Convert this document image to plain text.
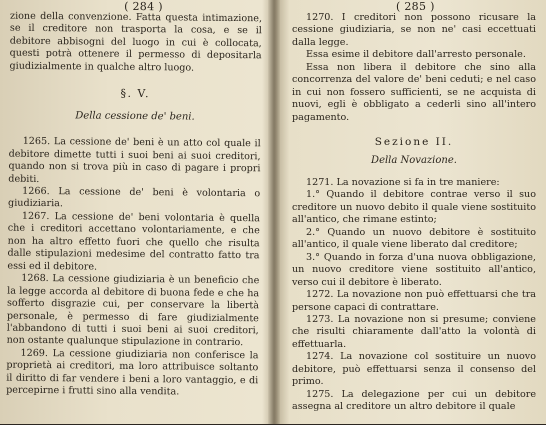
( 284 )

zione della convenzione. Fatta questa intimazione, se il creditore non trasporta la cosa, e se il debitore abbisogni del luogo in cui è collocata, questi potrà ottenere il permesso di depositarla giudizialmente in qualche altro luogo.

§. V.
Della cessione de' beni.

1265. La cessione de' beni è un atto col quale il debitore dimette tutti i suoi beni ai suoi creditori, quando non si trova più in caso di pagare i propri debiti.

1266. La cessione de' beni è volontaria o giudiziaria.

1267. La cessione de' beni volontaria è quella che i creditori accettano volontariamente, e che non ha altro effetto fuori che quello che risulta dalle stipulazioni medesime del contratto fatto tra essi ed il debitore.

1268. La cessione giudiziaria è un beneficio che la legge accorda al debitore di buona fede e che ha sofferto disgrazie cui, per conservare la libertà personale, è permesso di fare giudizialmente l'abbandono di tutti i suoi beni ai suoi creditori, non ostante qualunque stipulazione in contrario.

1269. La cessione giudiziaria non conferisce la proprietà ai creditori, ma loro attribuisce soltanto il diritto di far vendere i beni a loro vantaggio, e di percepirne i frutti sino alla vendita.

( 285 )

1270. I creditori non possono ricusare la cessione giudiziaria, se non ne' casi eccettuati dalla legge.

Essa esime il debitore dall'arresto personale.

Essa non libera il debitore che sino alla concorrenza del valore de' beni ceduti; e nel caso in cui non fossero sufficienti, se ne acquista di nuovi, egli è obbligato a cederli sino all'intero pagamento.

Sezione II.
Della Novazione.

1271. La novazione si fa in tre maniere:

1.° Quando il debitore contrae verso il suo creditore un nuovo debito il quale viene sostituito all'antico, che rimane estinto;

2.° Quando un nuovo debitore è sostituito all'antico, il quale viene liberato dal creditore;

3.° Quando in forza d'una nuova obbligazione, un nuovo creditore viene sostituito all'antico, verso cui il debitore è liberato.

1272. La novazione non può effettuarsi che tra persone capaci di contrattare.

1273. La novazione non si presume; conviene che risulti chiaramente dall'atto la volontà di effettuarla.

1274. La novazione col sostituire un nuovo debitore, può effettuarsi senza il consenso del primo.

1275. La delegazione per cui un debitore assegna al creditore un altro debitore il quale
